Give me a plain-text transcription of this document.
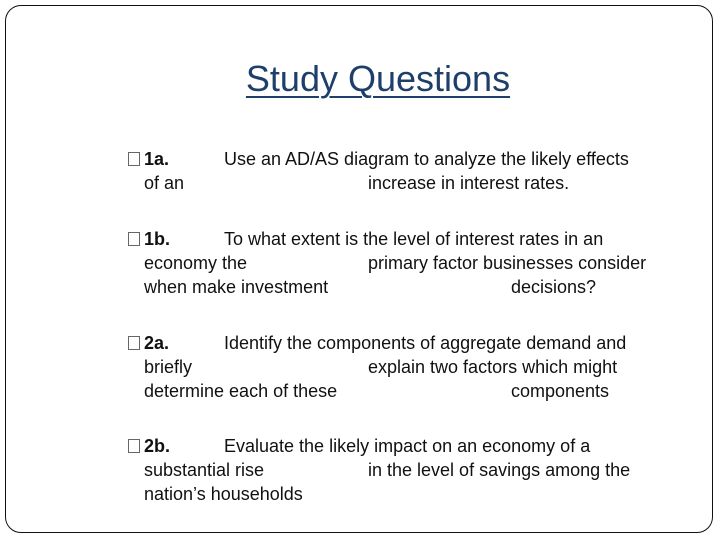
Study Questions
1a.	Use an AD/AS diagram to analyze the likely effects
of an	increase in interest rates.
1b.	To what extent is the level of interest rates in an
economy the	primary factor businesses consider
when make investment	decisions?
2a.	Identify the components of aggregate demand and
briefly	explain two factors which might
determine each of these	components
2b.	Evaluate the likely impact on an economy of a
substantial rise	in the level of savings among the
nation’s households
